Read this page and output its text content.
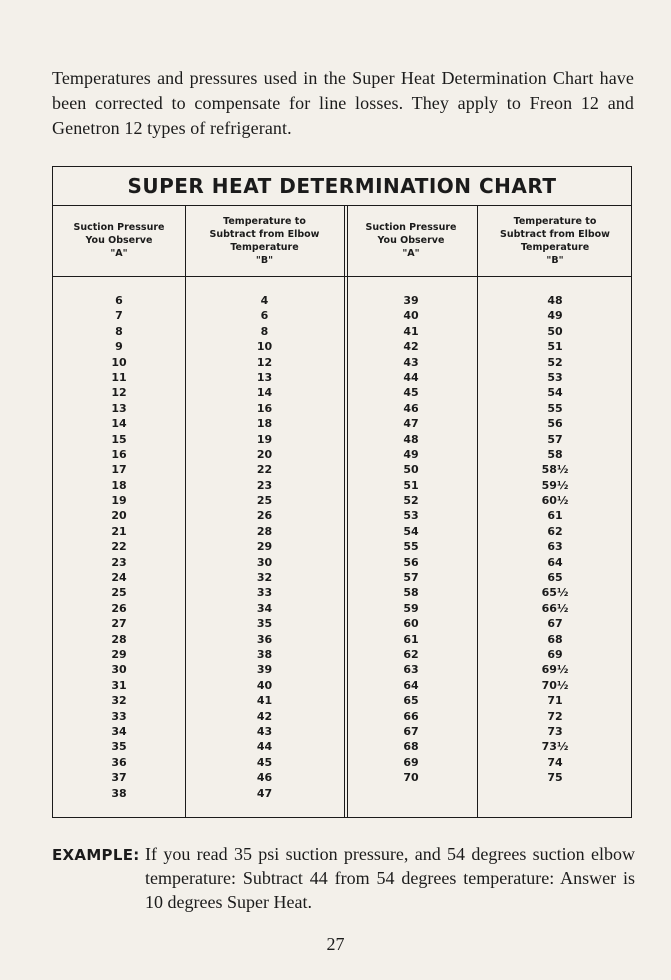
Temperatures and pressures used in the Super Heat Determination Chart have been corrected to compensate for line losses. They apply to Freon 12 and Genetron 12 types of refrigerant.
SUPER HEAT DETERMINATION CHART
Suction Pressure
You Observe
"A"
Temperature to
Subtract from Elbow
Temperature
"B"
Suction Pressure
You Observe
"A"
Temperature to
Subtract from Elbow
Temperature
"B"
6
7
8
9
10
11
12
13
14
15
16
17
18
19
20
21
22
23
24
25
26
27
28
29
30
31
32
33
34
35
36
37
38
4
6
8
10
12
13
14
16
18
19
20
22
23
25
26
28
29
30
32
33
34
35
36
38
39
40
41
42
43
44
45
46
47
39
40
41
42
43
44
45
46
47
48
49
50
51
52
53
54
55
56
57
58
59
60
61
62
63
64
65
66
67
68
69
70
48
49
50
51
52
53
54
55
56
57
58
58½
59½
60½
61
62
63
64
65
65½
66½
67
68
69
69½
70½
71
72
73
73½
74
75
EXAMPLE: If you read 35 psi suction pressure, and 54 degrees suction elbow temperature: Subtract 44 from 54 degrees temperature: Answer is 10 degrees Super Heat.
27
